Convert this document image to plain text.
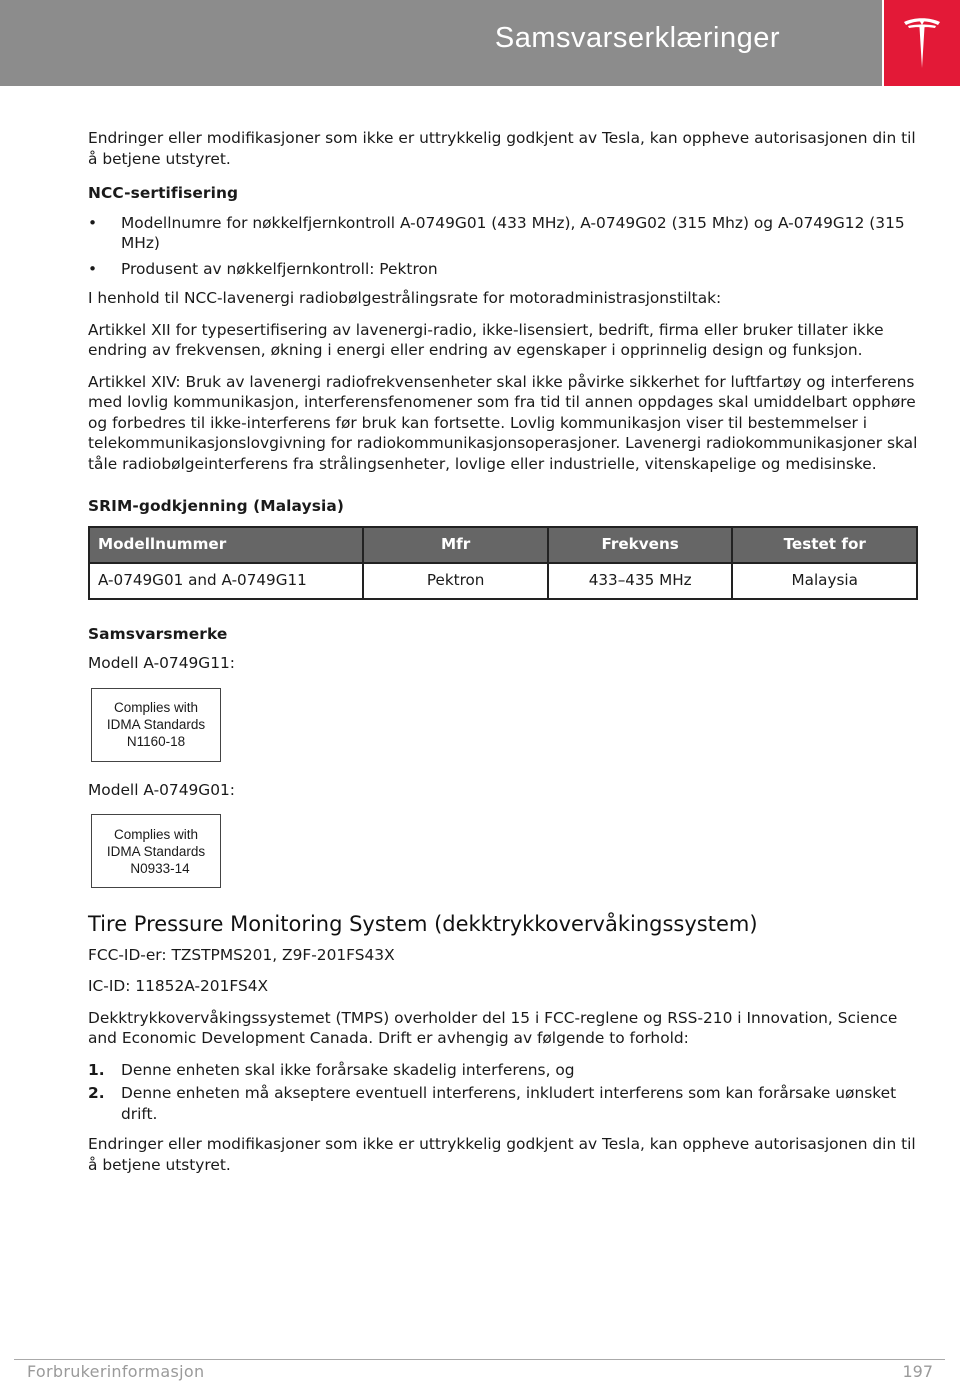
Samsvarserklæringer

Endringer eller modifikasjoner som ikke er uttrykkelig godkjent av Tesla, kan oppheve autorisasjonen din til å betjene utstyret.

NCC-sertifisering
• Modellnumre for nøkkelfjernkontroll A-0749G01 (433 MHz), A-0749G02 (315 Mhz) og A-0749G12 (315 MHz)
• Produsent av nøkkelfjernkontroll: Pektron

I henhold til NCC-lavenergi radiobølgestrålingsrate for motoradministrasjonstiltak:

Artikkel XII for typesertifisering av lavenergi-radio, ikke-lisensiert, bedrift, firma eller bruker tillater ikke endring av frekvensen, økning i energi eller endring av egenskaper i opprinnelig design og funksjon.

Artikkel XIV: Bruk av lavenergi radiofrekvensenheter skal ikke påvirke sikkerhet for luftfartøy og interferens med lovlig kommunikasjon, interferensfenomener som fra tid til annen oppdages skal umiddelbart opphøre og forbedres til ikke-interferens før bruk kan fortsette. Lovlig kommunikasjon viser til bestemmelser i telekommunikasjonslovgivning for radiokommunikasjonsoperasjoner. Lavenergi radiokommunikasjoner skal tåle radiobølgeinterferens fra strålingsenheter, lovlige eller industrielle, vitenskapelige og medisinske.

SRIM-godkjenning (Malaysia)
Modellnummer	Mfr	Frekvens	Testet for
A-0749G01 and A-0749G11	Pektron	433–435 MHz	Malaysia
Samsvarsmerke

Modell A-0749G11:

Complies with
IDMA Standards
N1160-18

Modell A-0749G01:

Complies with
IDMA Standards
N0933-14
Tire Pressure Monitoring System (dekktrykkovervåkingssystem)

FCC-ID-er: TZSTPMS201, Z9F-201FS43X

IC-ID: 11852A-201FS4X

Dekktrykkovervåkingssystemet (TMPS) overholder del 15 i FCC-reglene og RSS-210 i Innovation, Science and Economic Development Canada. Drift er avhengig av følgende to forhold:

1. Denne enheten skal ikke forårsake skadelig interferens, og
2. Denne enheten må akseptere eventuell interferens, inkludert interferens som kan forårsake uønsket drift.

Endringer eller modifikasjoner som ikke er uttrykkelig godkjent av Tesla, kan oppheve autorisasjonen din til å betjene utstyret.

Forbrukerinformasjon	197
